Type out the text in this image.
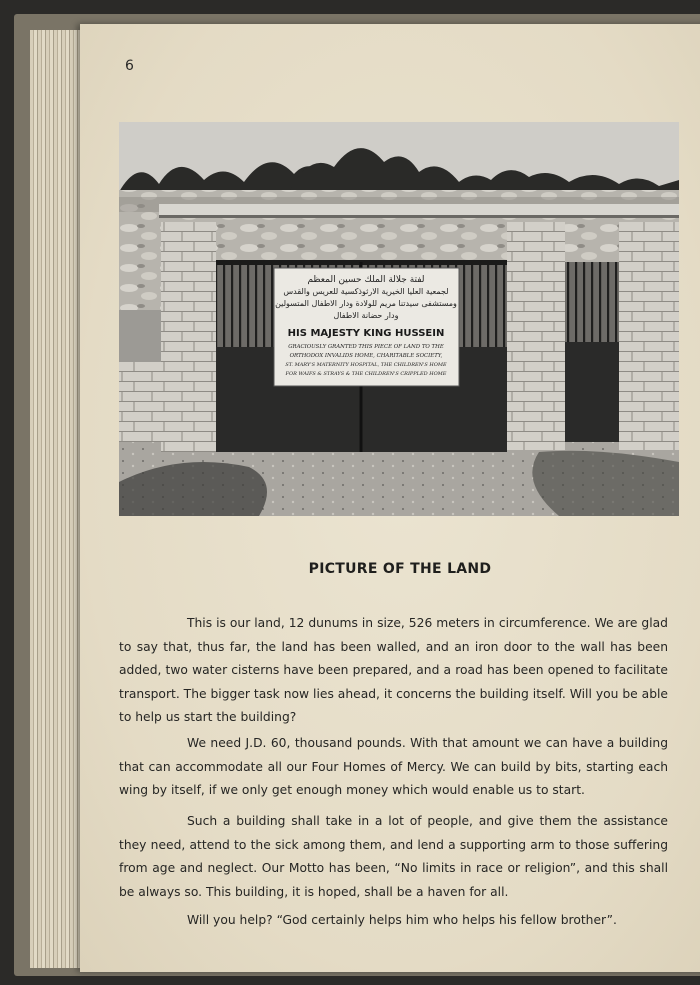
6
لفتة جلالة الملك حسين المعظم
لجمعية العليا الخيرية الارثوذكسية للعريس والقدس
ومستشفى سيدتنا مريم للولادة ودار الاطفال المتسولين
ودار حضانة الاطفال
HIS MAJESTY KING HUSSEIN
GRACIOUSLY GRANTED THIS PIECE OF LAND TO THE
ORTHODOX INVALIDS HOME, CHARITABLE SOCIETY,
ST. MARY'S MATERNITY HOSPITAL, THE CHILDREN'S HOME
FOR WAIFS & STRAYS & THE CHILDREN'S CRIPPLED HOME
PICTURE OF THE LAND

This is our land, 12 dunums in size, 526 meters in circumference. We are glad to say that, thus far, the land has been walled, and an iron door to the wall has been added, two water cisterns have been prepared, and a road has been opened to facilitate transport. The bigger task now lies ahead, it concerns the building itself. Will you be able to help us start the building?

We need J.D. 60, thousand pounds. With that amount we can have a building that can accommodate all our Four Homes of Mercy. We can build by bits, starting each wing by itself, if we only get enough money which would enable us to start.

Such a building shall take in a lot of people, and give them the assistance they need, attend to the sick among them, and lend a supporting arm to those suffering from age and neglect. Our Motto has been, “No limits in race or religion”, and this shall be always so. This building, it is hoped, shall be a haven for all.

Will you help? “God certainly helps him who helps his fellow brother”.
